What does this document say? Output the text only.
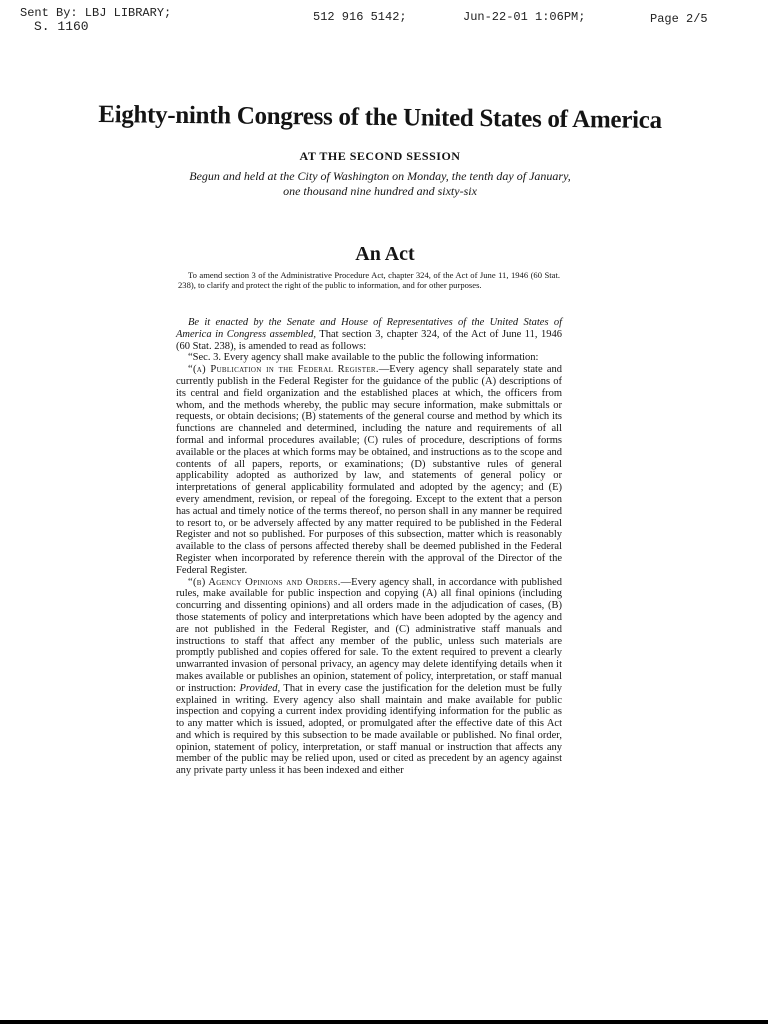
Sent By: LBJ LIBRARY;
S. 1160
512 916 5142;	Jun-22-01 1:06PM;	Page 2/5
Eighty-ninth Congress of the United States of America
AT THE SECOND SESSION
Begun and held at the City of Washington on Monday, the tenth day of January,
one thousand nine hundred and sixty-six
An Act
To amend section 3 of the Administrative Procedure Act, chapter 324, of the Act of June 11, 1946 (60 Stat. 238), to clarify and protect the right of the public to information, and for other purposes.

Be it enacted by the Senate and House of Representatives of the United States of America in Congress assembled, That section 3, chapter 324, of the Act of June 11, 1946 (60 Stat. 238), is amended to read as follows:

“Sec. 3. Every agency shall make available to the public the following information:

“(a) Publication in the Federal Register.—Every agency shall separately state and currently publish in the Federal Register for the guidance of the public (A) descriptions of its central and field organization and the established places at which, the officers from whom, and the methods whereby, the public may secure information, make submittals or requests, or obtain decisions; (B) statements of the general course and method by which its functions are channeled and determined, including the nature and requirements of all formal and informal procedures available; (C) rules of procedure, descriptions of forms available or the places at which forms may be obtained, and instructions as to the scope and contents of all papers, reports, or examinations; (D) substantive rules of general applicability adopted as authorized by law, and statements of general policy or interpretations of general applicability formulated and adopted by the agency; and (E) every amendment, revision, or repeal of the foregoing. Except to the extent that a person has actual and timely notice of the terms thereof, no person shall in any manner be required to resort to, or be adversely affected by any matter required to be published in the Federal Register and not so published. For purposes of this subsection, matter which is reasonably available to the class of persons affected thereby shall be deemed published in the Federal Register when incorporated by reference therein with the approval of the Director of the Federal Register.

“(b) Agency Opinions and Orders.—Every agency shall, in accordance with published rules, make available for public inspection and copying (A) all final opinions (including concurring and dissenting opinions) and all orders made in the adjudication of cases, (B) those statements of policy and interpretations which have been adopted by the agency and are not published in the Federal Register, and (C) administrative staff manuals and instructions to staff that affect any member of the public, unless such materials are promptly published and copies offered for sale. To the extent required to prevent a clearly unwarranted invasion of personal privacy, an agency may delete identifying details when it makes available or publishes an opinion, statement of policy, interpretation, or staff manual or instruction: Provided, That in every case the justification for the deletion must be fully explained in writing. Every agency also shall maintain and make available for public inspection and copying a current index providing identifying information for the public as to any matter which is issued, adopted, or promulgated after the effective date of this Act and which is required by this subsection to be made available or published. No final order, opinion, statement of policy, interpretation, or staff manual or instruction that affects any member of the public may be relied upon, used or cited as precedent by an agency against any private party unless it has been indexed and either
